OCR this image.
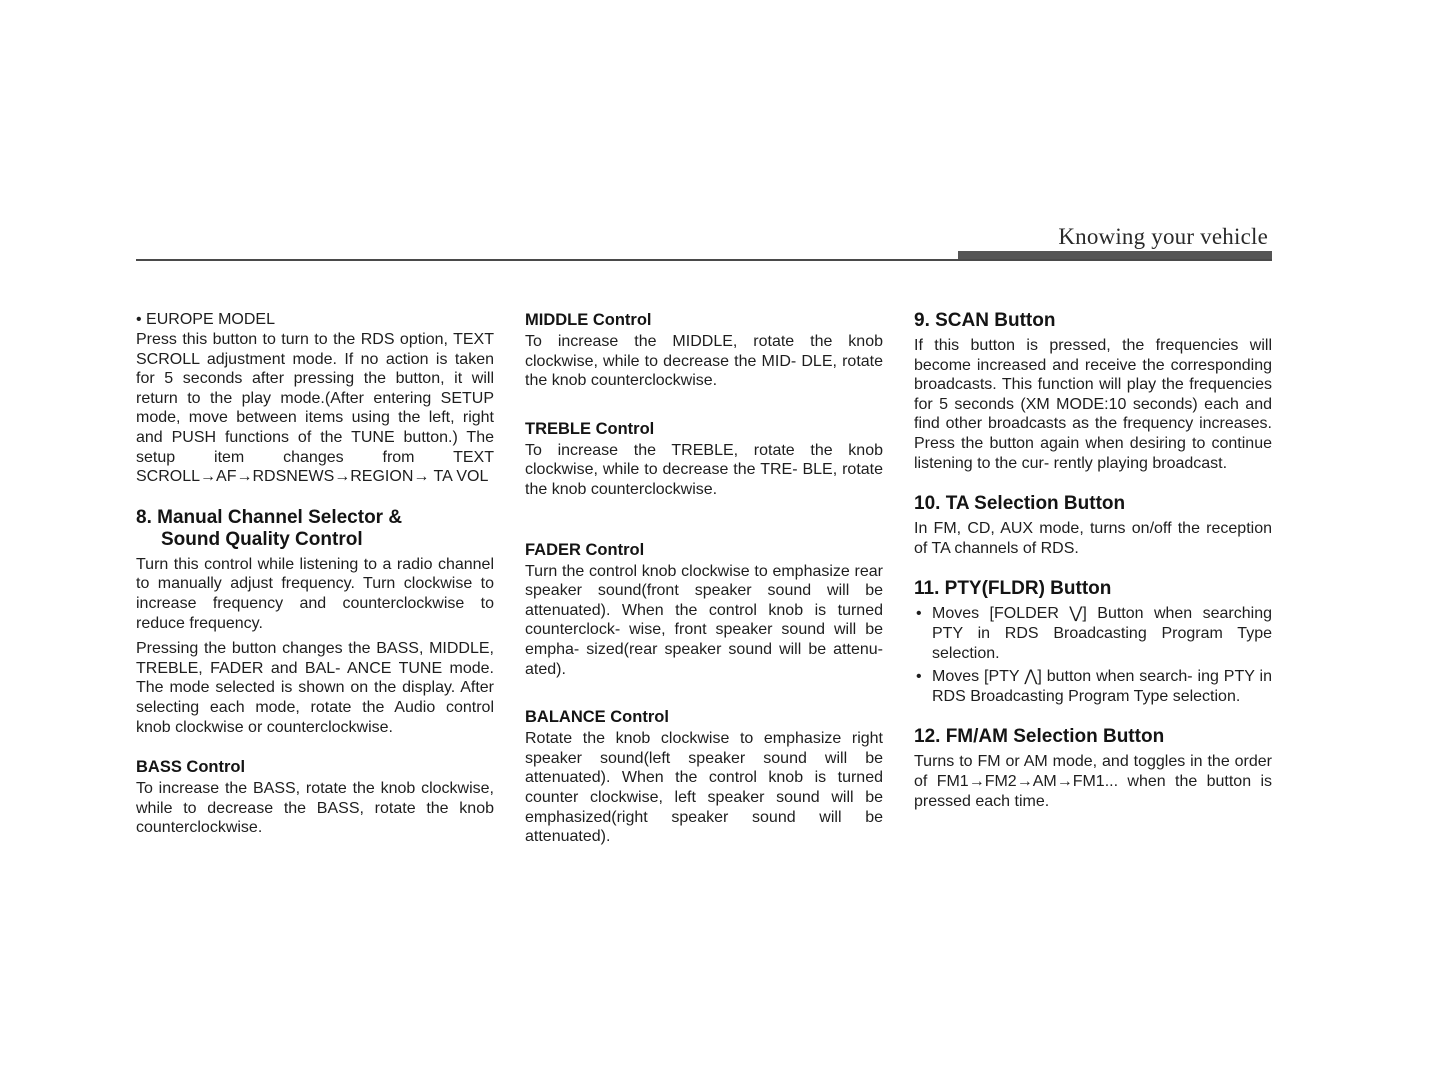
Knowing your vehicle
• EUROPE MODEL

Press this button to turn to the RDS option, TEXT SCROLL adjustment mode. If no action is taken for 5 seconds after pressing the button, it will return to the play mode.(After entering SETUP mode, move between items using the left, right and PUSH functions of the TUNE button.) The setup item changes from TEXT SCROLL→AF→RDSNEWS→REGION→ TA VOL

8. Manual Channel Selector &
Sound Quality Control

Turn this control while listening to a radio channel to manually adjust frequency. Turn clockwise to increase frequency and counterclockwise to reduce frequency.

Pressing the button changes the BASS, MIDDLE, TREBLE, FADER and BAL- ANCE TUNE mode. The mode selected is shown on the display. After selecting each mode, rotate the Audio control knob clockwise or counterclockwise.

BASS Control

To increase the BASS, rotate the knob clockwise, while to decrease the BASS, rotate the knob counterclockwise.

MIDDLE Control

To increase the MIDDLE, rotate the knob clockwise, while to decrease the MID- DLE, rotate the knob counterclockwise.

TREBLE Control

To increase the TREBLE, rotate the knob clockwise, while to decrease the TRE- BLE, rotate the knob counterclockwise.

FADER Control

Turn the control knob clockwise to emphasize rear speaker sound(front speaker sound will be attenuated). When the control knob is turned counterclock- wise, front speaker sound will be empha- sized(rear speaker sound will be attenu- ated).

BALANCE Control

Rotate the knob clockwise to emphasize right speaker sound(left speaker sound will be attenuated). When the control knob is turned counter clockwise, left speaker sound will be emphasized(right speaker sound will be attenuated).

9. SCAN Button

If this button is pressed, the frequencies will become increased and receive the corresponding broadcasts. This function will play the frequencies for 5 seconds (XM MODE:10 seconds) each and find other broadcasts as the frequency increases. Press the button again when desiring to continue listening to the cur- rently playing broadcast.

10. TA Selection Button

In FM, CD, AUX mode, turns on/off the reception of TA channels of RDS.

11. PTY(FLDR) Button
• Moves [FOLDER ⋁] Button when searching PTY in RDS Broadcasting Program Type selection.
• Moves [PTY ⋀] button when search- ing PTY in RDS Broadcasting Program Type selection.
12. FM/AM Selection Button

Turns to FM or AM mode, and toggles in the order of FM1→FM2→AM→FM1... when the button is pressed each time.
